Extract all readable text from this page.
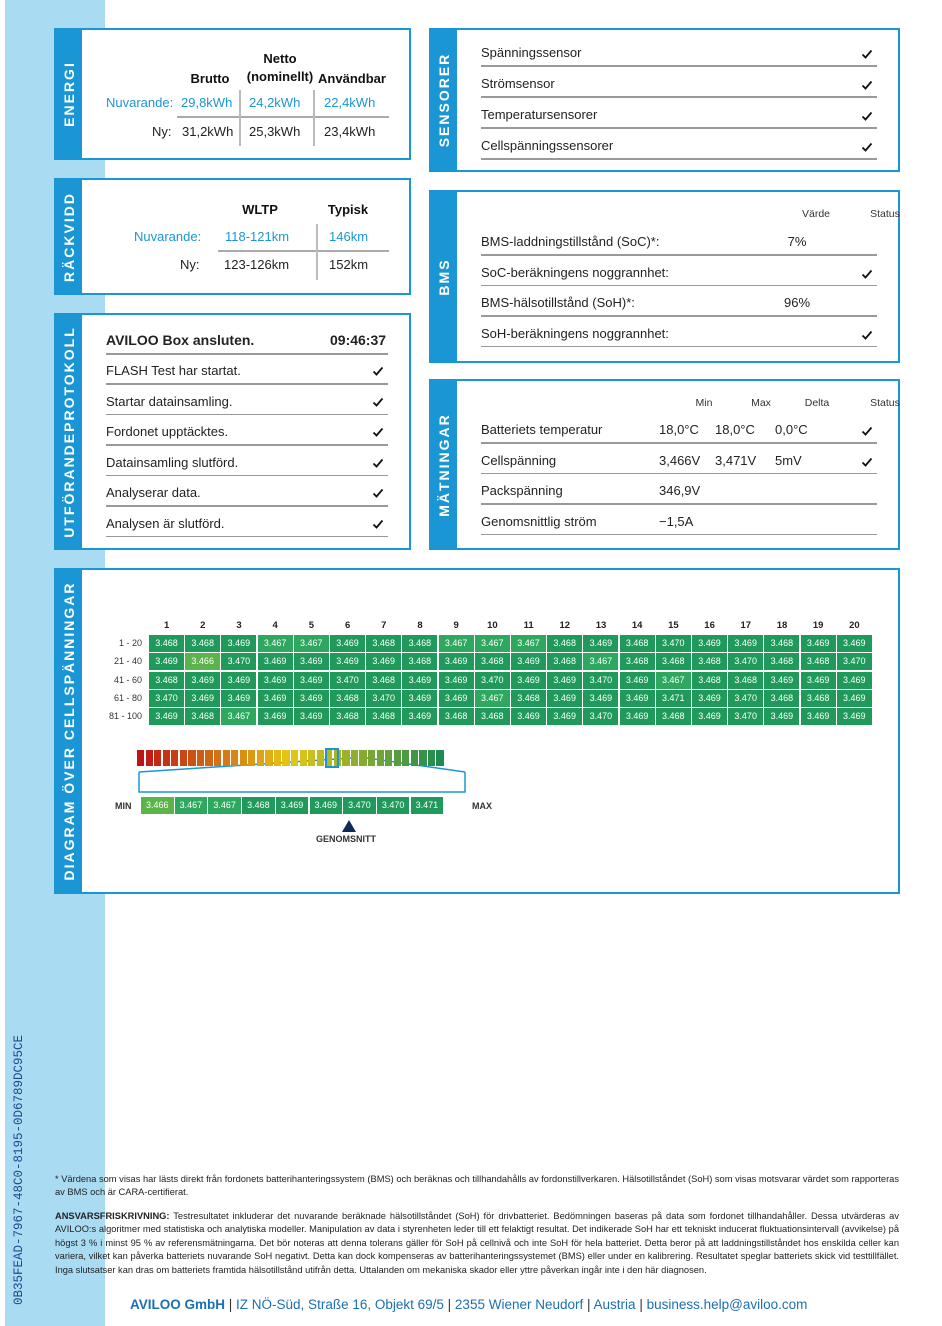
0B35FEAD-7967-48C0-8195-0D6789DC95CE
ENERGI	Brutto
Netto (nominellt) Användbar
Nuvarande: 29,8kWh 24,2kWh 22,4kWh
Ny: 31,2kWh 25,3kWh 23,4kWh
RÄCKVIDD	WLTP	Typisk
Nuvarande: 118-121km	146km
Ny: 123-126km	152km
UTFÖRANDEPROTOKOLL AVILOO Box ansluten.	09:46:37
FLASH Test har startat.
Startar datainsamling.
Fordonet upptäcktes.
Datainsamling slutförd.
Analyserar data.
Analysen är slutförd.
SENSORER
Spänningssensor
Strömsensor
Temperatursensorer
Cellspänningssensorer
BMS
Värde	Status
BMS-laddningstillstånd (SoC)*:	7%
SoC-beräkningens noggrannhet:
BMS-hälsotillstånd (SoH)*:	96%
SoH-beräkningens noggrannhet:
MÄTNINGAR
Min	Max	Delta	Status
Batteriets temperatur	18,0°C 18,0°C 0,0°C
Cellspänning	3,466V 3,471V 5mV
Packspänning	346,9V
Genomsnittlig ström	−1,5A
DIAGRAM ÖVER CELLSPÄNNINGAR	1	2	3	4	5	6	7	8	9	10	11	12	13	14	15	16	17	18	19	20
1 - 20	3.468	3.468	3.469	3.467	3.467	3.469	3.468	3.468	3.467	3.467	3.467	3.468	3.469	3.468	3.470	3.469	3.469	3.468	3.469	3.469
21 - 40	3.469	3.466	3.470	3.469	3.469	3.469	3.469	3.468	3.469	3.468	3.469	3.468	3.467	3.468	3.468	3.468	3.470	3.468	3.468	3.470
41 - 60	3.468	3.469	3.469	3.469	3.469	3.470	3.468	3.469	3.469	3.470	3.469	3.469	3.470	3.469	3.467	3.468	3.468	3.469	3.469	3.469
61 - 80	3.470	3.469	3.469	3.469	3.469	3.468	3.470	3.469	3.469	3.467	3.468	3.469	3.469	3.469	3.471	3.469	3.470	3.468	3.468	3.469
81 - 100	3.469	3.468	3.467	3.469	3.469	3.468	3.468	3.469	3.468	3.468	3.469	3.469	3.470	3.469	3.468	3.469	3.470	3.469	3.469	3.469
MIN	MAX
3.466	3.467	3.467	3.468	3.469	3.469	3.470	3.470	3.471
GENOMSNITT
* Värdena som visas har lästs direkt från fordonets batterihanteringssystem (BMS) och beräknas och tillhandahålls av fordonstillverkaren. Hälsotillståndet (SoH) som visas motsvarar värdet som rapporteras av BMS och är CARA-certifierat.
ANSVARSFRISKRIVNING: Testresultatet inkluderar det nuvarande beräknade hälsotillståndet (SoH) för drivbatteriet. Bedömningen baseras på data som fordonet tillhandahåller. Dessa utvärderas av AVILOO:s algoritmer med statistiska och analytiska modeller. Manipulation av data i styrenheten leder till ett felaktigt resultat. Det indikerade SoH har ett tekniskt inducerat fluktuationsintervall (avvikelse) på högst 3 % i minst 95 % av referensmätningarna. Det bör noteras att denna tolerans gäller för SoH på cellnivå och inte SoH för hela batteriet. Detta beror på att laddningstillståndet hos enskilda celler kan variera, vilket kan påverka batteriets nuvarande SoH negativt. Detta kan dock kompenseras av batterihanteringssystemet (BMS) eller under en kalibrering. Resultatet speglar batteriets skick vid testtillfället. Inga slutsatser kan dras om batteriets framtida hälsotillstånd utifrån detta. Uttalanden om mekaniska skador eller yttre påverkan ingår inte i den här diagnosen.
AVILOO GmbH | IZ NÖ-Süd, Straße 16, Objekt 69/5 | 2355 Wiener Neudorf | Austria | business.help@aviloo.com
